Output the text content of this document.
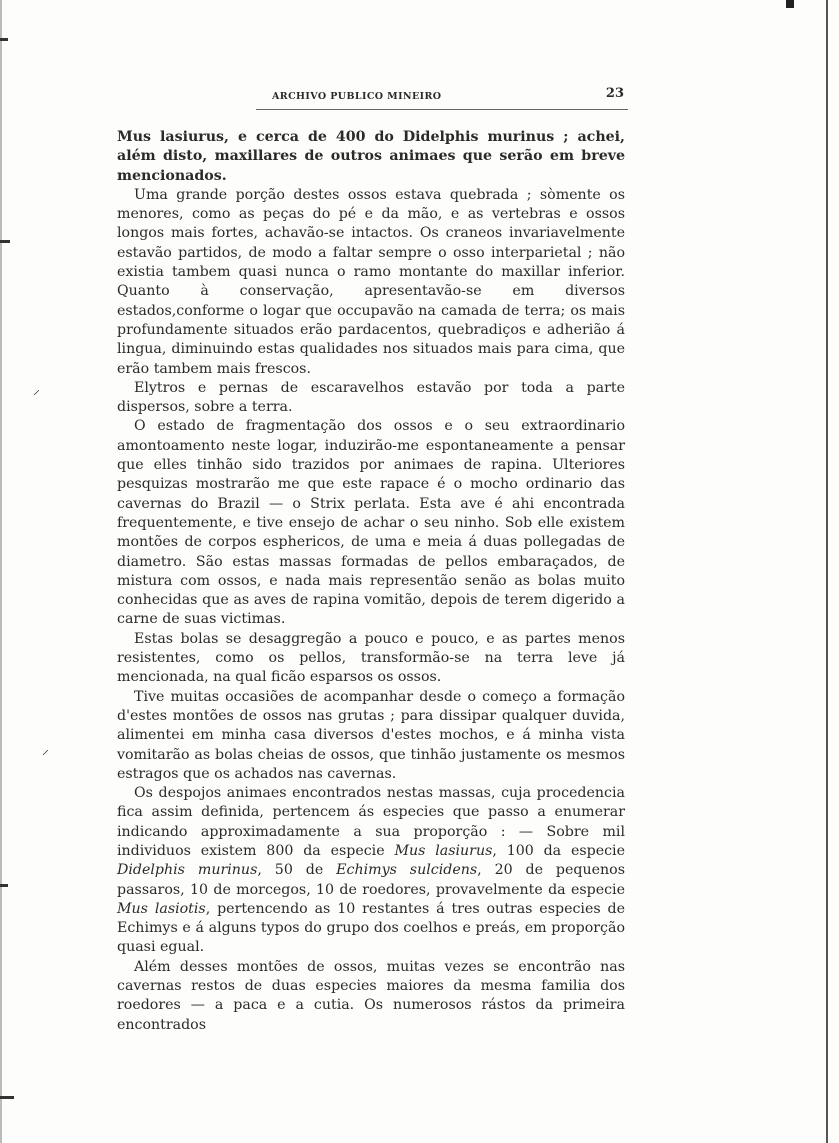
⸝
⸝
ARCHIVO PUBLICO MINEIRO	23

Mus lasiurus, e cerca de 400 do Didelphis murinus ; achei, além disto, maxillares de outros animaes que serão em breve mencionados.

Uma grande porção destes ossos estava quebrada ; sòmente os menores, como as peças do pé e da mão, e as vertebras e ossos longos mais fortes, achavão-se intactos. Os craneos invariavelmente estavão partidos, de modo a faltar sempre o osso interparietal ; não existia tambem quasi nunca o ramo montante do maxillar inferior. Quanto à conservação, apresentavão-se em diversos estados,conforme o logar que occupavão na camada de terra; os mais profundamente situados erão pardacentos, quebradiços e adherião á lingua, diminuindo estas qualidades nos situados mais para cima, que erão tambem mais frescos.

Elytros e pernas de escaravelhos estavão por toda a parte dispersos, sobre a terra.

O estado de fragmentação dos ossos e o seu extraordinario amontoamento neste logar, induzirão-me espontaneamente a pensar que elles tinhão sido trazidos por animaes de rapina. Ulteriores pesquizas mostrarão me que este rapace é o mocho ordinario das cavernas do Brazil — o Strix perlata. Esta ave é ahi encontrada frequentemente, e tive ensejo de achar o seu ninho. Sob elle existem montões de corpos esphericos, de uma e meia á duas pollegadas de diametro. São estas massas formadas de pellos embaraçados, de mistura com ossos, e nada mais representão senão as bolas muito conhecidas que as aves de rapina vomitão, depois de terem digerido a carne de suas victimas.

Estas bolas se desaggregão a pouco e pouco, e as partes menos resistentes, como os pellos, transformão-se na terra leve já mencionada, na qual ficão esparsos os ossos.

Tive muitas occasiões de acompanhar desde o começo a formação d'estes montões de ossos nas grutas ; para dissipar qualquer duvida, alimentei em minha casa diversos d'estes mochos, e á minha vista vomitarão as bolas cheias de ossos, que tinhão justamente os mesmos estragos que os achados nas cavernas.

Os despojos animaes encontrados nestas massas, cuja procedencia fica assim definida, pertencem ás especies que passo a enumerar indicando approximadamente a sua proporção : — Sobre mil individuos existem 800 da especie Mus lasiurus, 100 da especie Didelphis murinus, 50 de Echimys sulcidens, 20 de pequenos passaros, 10 de morcegos, 10 de roedores, provavelmente da especie Mus lasiotis, pertencendo as 10 restantes á tres outras especies de Echimys e á alguns typos do grupo dos coelhos e preás, em proporção quasi egual.

Além desses montões de ossos, muitas vezes se encontrão nas cavernas restos de duas especies maiores da mesma familia dos roedores — a paca e a cutia. Os numerosos rástos da primeira encontrados
